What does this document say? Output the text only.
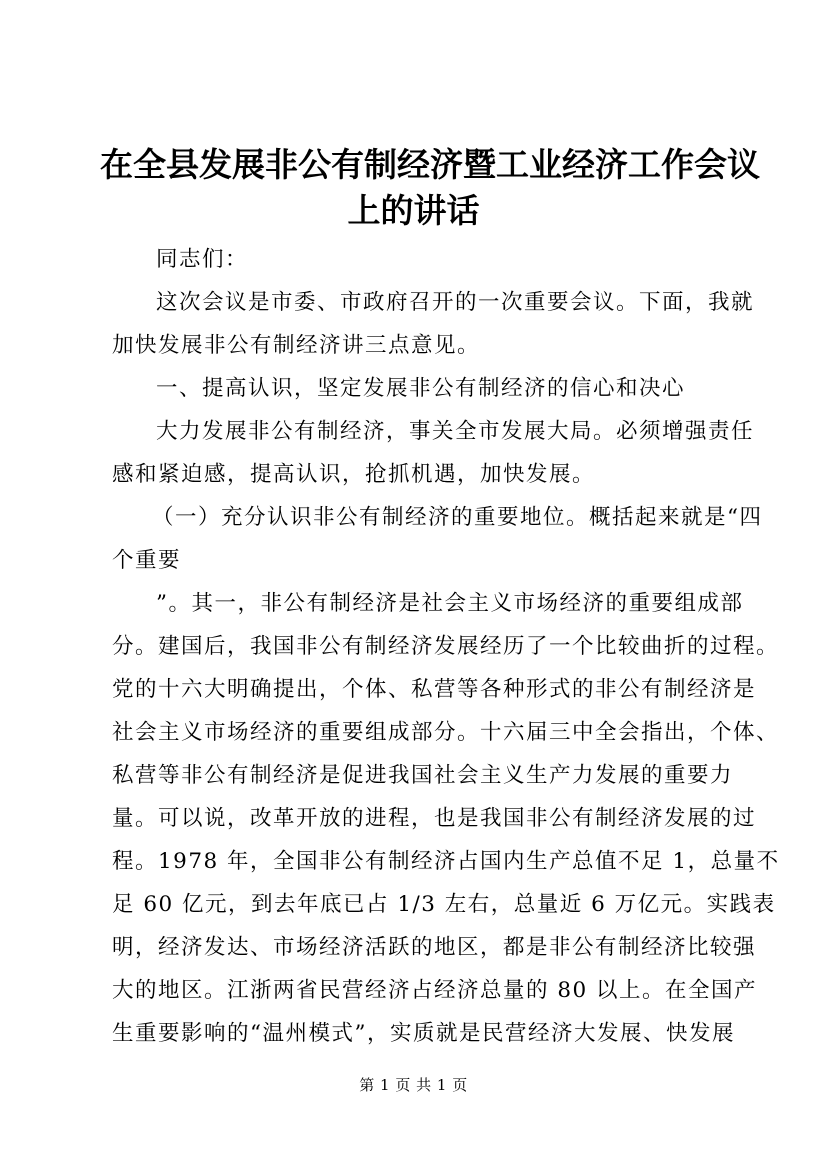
在全县发展非公有制经济暨工业经济工作会议
上的讲话
同志们：
这次会议是市委、市政府召开的一次重要会议。下面，我就
加快发展非公有制经济讲三点意见。
一、提高认识，坚定发展非公有制经济的信心和决心
大力发展非公有制经济，事关全市发展大局。必须增强责任
感和紧迫感，提高认识，抢抓机遇，加快发展。
（一）充分认识非公有制经济的重要地位。概括起来就是“四
个重要
”。其一，非公有制经济是社会主义市场经济的重要组成部
分。建国后，我国非公有制经济发展经历了一个比较曲折的过程。
党的十六大明确提出，个体、私营等各种形式的非公有制经济是
社会主义市场经济的重要组成部分。十六届三中全会指出，个体、
私营等非公有制经济是促进我国社会主义生产力发展的重要力
量。可以说，改革开放的进程，也是我国非公有制经济发展的过
程。1978 年，全国非公有制经济占国内生产总值不足 1，总量不
足 60 亿元，到去年底已占 1/3 左右，总量近 6 万亿元。实践表
明，经济发达、市场经济活跃的地区，都是非公有制经济比较强
大的地区。江浙两省民营经济占经济总量的 80 以上。在全国产
生重要影响的“温州模式”，实质就是民营经济大发展、快发展
第 1 页 共 1 页
